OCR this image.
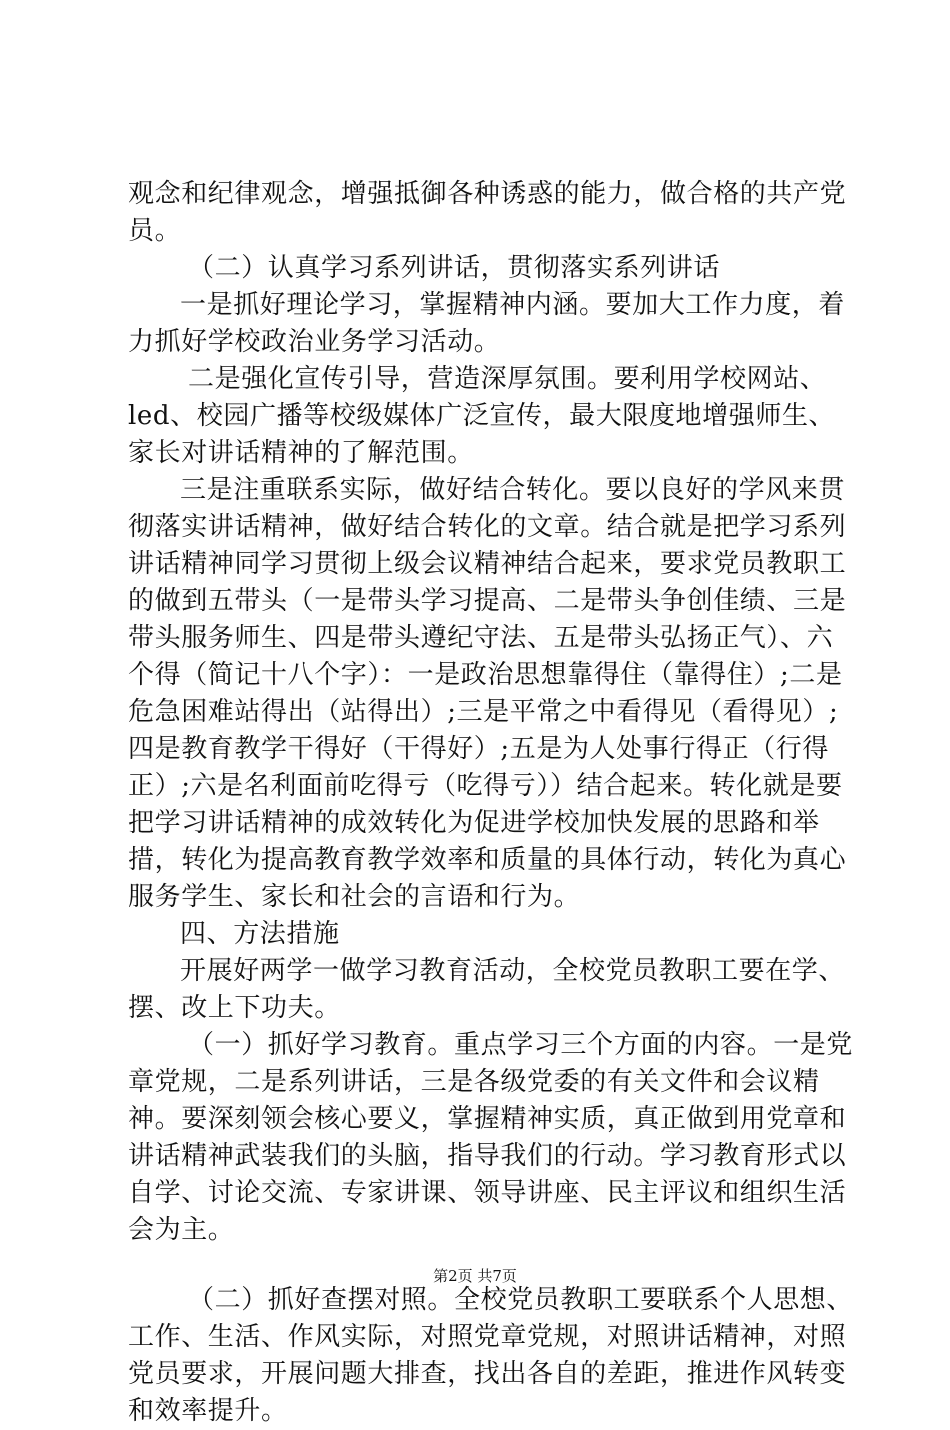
观念和纪律观念，增强抵御各种诱惑的能力，做合格的共产党员。

（二）认真学习系列讲话，贯彻落实系列讲话

一是抓好理论学习，掌握精神内涵。要加大工作力度，着力抓好学校政治业务学习活动。

二是强化宣传引导，营造深厚氛围。要利用学校网站、led、校园广播等校级媒体广泛宣传，最大限度地增强师生、家长对讲话精神的了解范围。

三是注重联系实际，做好结合转化。要以良好的学风来贯彻落实讲话精神，做好结合转化的文章。结合就是把学习系列讲话精神同学习贯彻上级会议精神结合起来，要求党员教职工的做到五带头（一是带头学习提高、二是带头争创佳绩、三是带头服务师生、四是带头遵纪守法、五是带头弘扬正气）、六个得（简记十八个字）：一是政治思想靠得住（靠得住）;二是危急困难站得出（站得出）;三是平常之中看得见（看得见）;四是教育教学干得好（干得好）;五是为人处事行得正（行得正）;六是名利面前吃得亏（吃得亏））结合起来。转化就是要把学习讲话精神的成效转化为促进学校加快发展的思路和举措，转化为提高教育教学效率和质量的具体行动，转化为真心服务学生、家长和社会的言语和行为。

四、方法措施

开展好两学一做学习教育活动，全校党员教职工要在学、摆、改上下功夫。

（一）抓好学习教育。重点学习三个方面的内容。一是党章党规，二是系列讲话，三是各级党委的有关文件和会议精神。要深刻领会核心要义，掌握精神实质，真正做到用党章和讲话精神武装我们的头脑，指导我们的行动。学习教育形式以自学、讨论交流、专家讲课、领导讲座、民主评议和组织生活会为主。

（二）抓好查摆对照。全校党员教职工要联系个人思想、工作、生活、作风实际，对照党章党规，对照讲话精神，对照党员要求，开展问题大排查，找出各自的差距，推进作风转变和效率提升。

第2页 共7页
